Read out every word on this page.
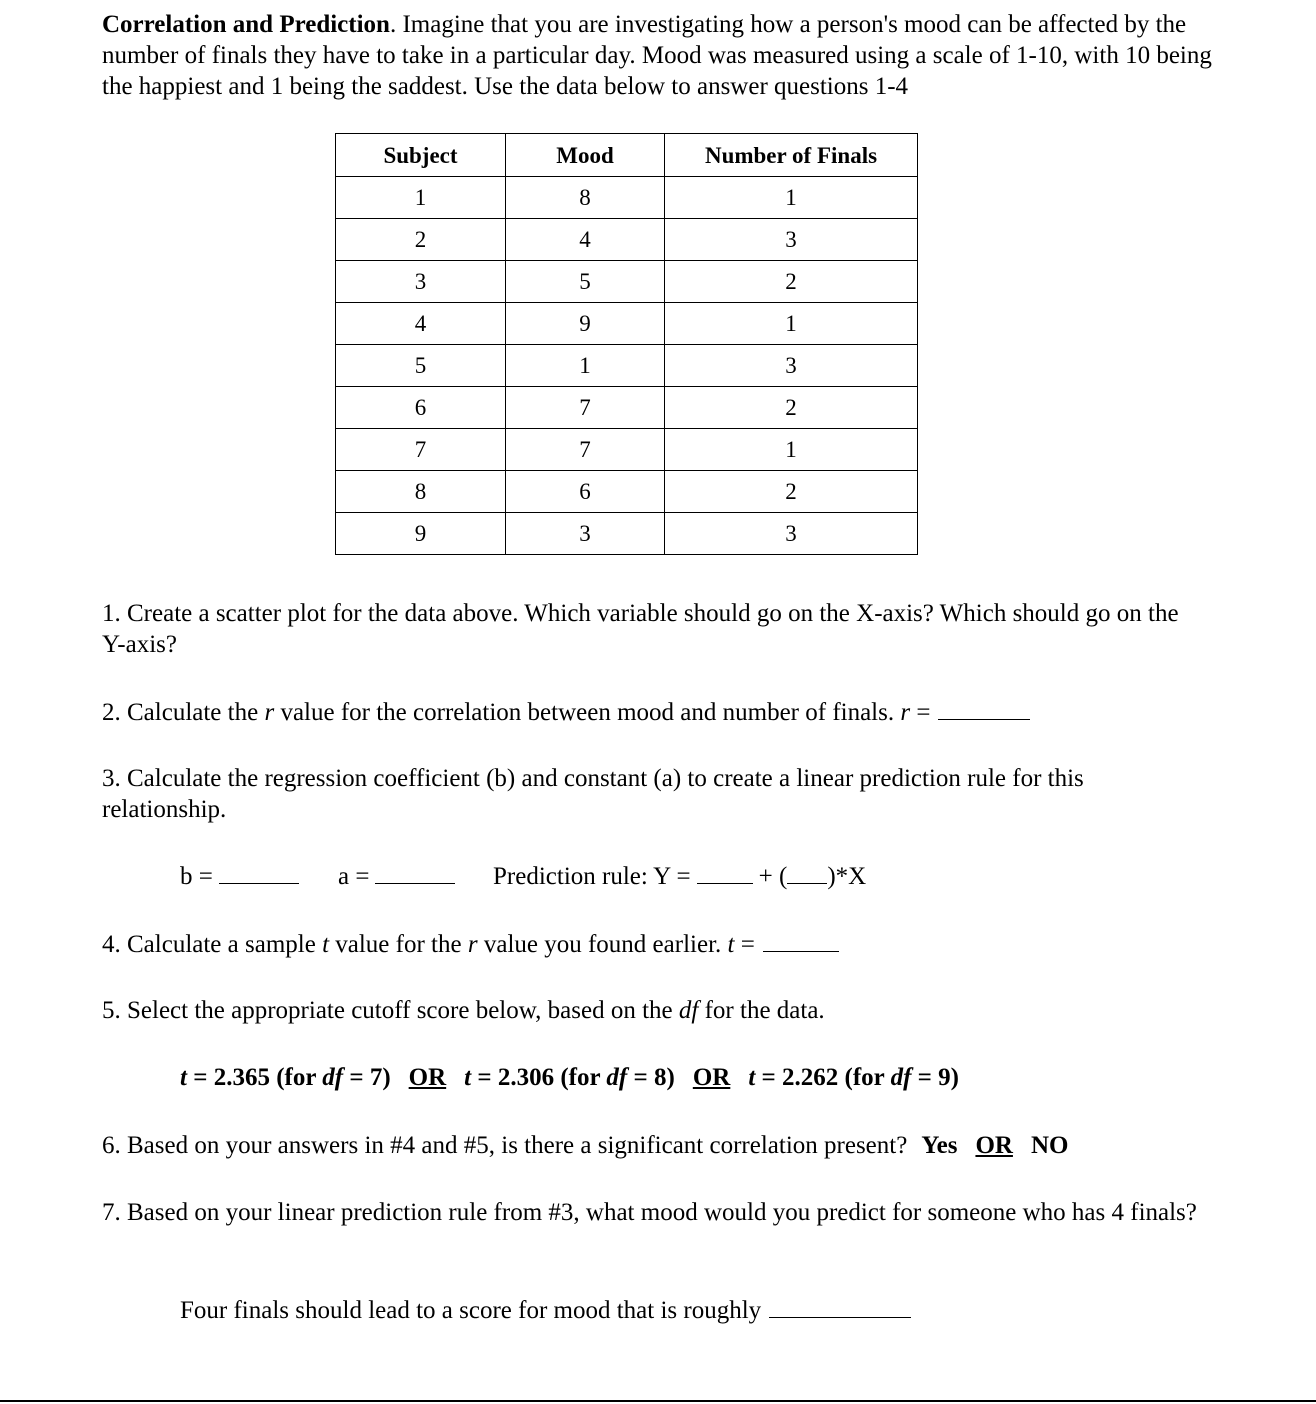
Correlation and Prediction. Imagine that you are investigating how a person's mood can be affected by the number of finals they have to take in a particular day. Mood was measured using a scale of 1-10, with 10 being the happiest and 1 being the saddest. Use the data below to answer questions 1-4
Subject	Mood	Number of Finals
1	8	1
2	4	3
3	5	2
4	9	1
5	1	3
6	7	2
7	7	1
8	6	2
9	3	3
1. Create a scatter plot for the data above. Which variable should go on the X-axis? Which should go on the Y-axis?
2. Calculate the r value for the correlation between mood and number of finals. r =
3. Calculate the regression coefficient (b) and constant (a) to create a linear prediction rule for this relationship.
b =	a =	Prediction rule: Y =	+ ( )*X
4. Calculate a sample t value for the r value you found earlier. t =
5. Select the appropriate cutoff score below, based on the df for the data.
t = 2.365 (for df = 7) OR t = 2.306 (for df = 8) OR t = 2.262 (for df = 9)
6. Based on your answers in #4 and #5, is there a significant correlation present? Yes OR NO
7. Based on your linear prediction rule from #3, what mood would you predict for someone who has 4 finals?
Four finals should lead to a score for mood that is roughly
